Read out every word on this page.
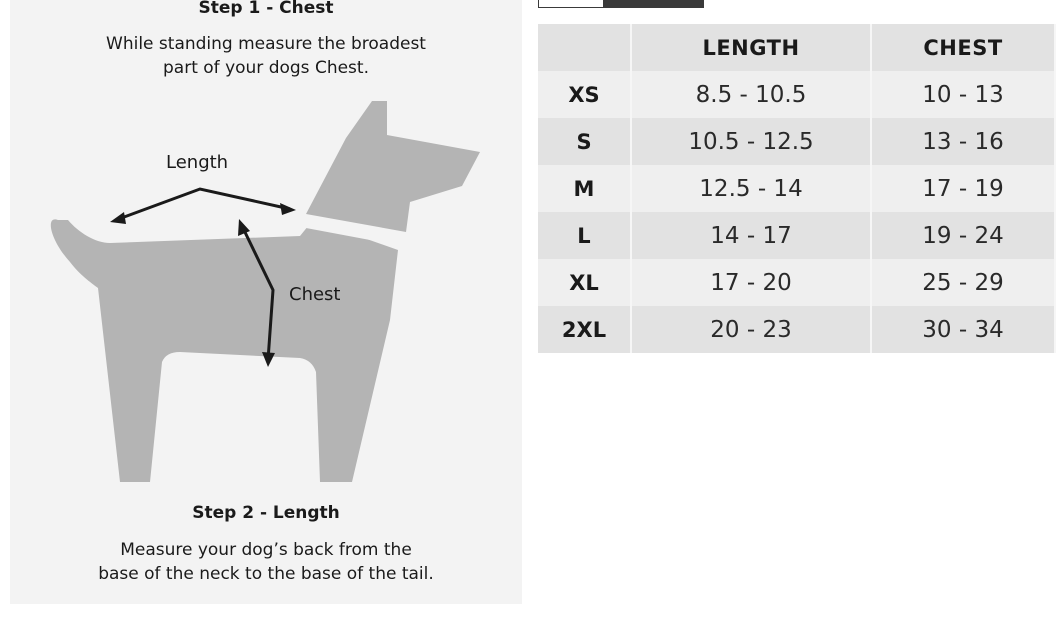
Step 1 - Chest
While standing measure the broadest
part of your dogs Chest.
Length
Chest
Step 2 - Length
Measure your dog’s back from the
base of the neck to the base of the tail.
	LENGTH	CHEST
XS	8.5 - 10.5	10 - 13
S	10.5 - 12.5	13 - 16
M	12.5 - 14	17 - 19
L	14 - 17	19 - 24
XL	17 - 20	25 - 29
2XL	20 - 23	30 - 34
